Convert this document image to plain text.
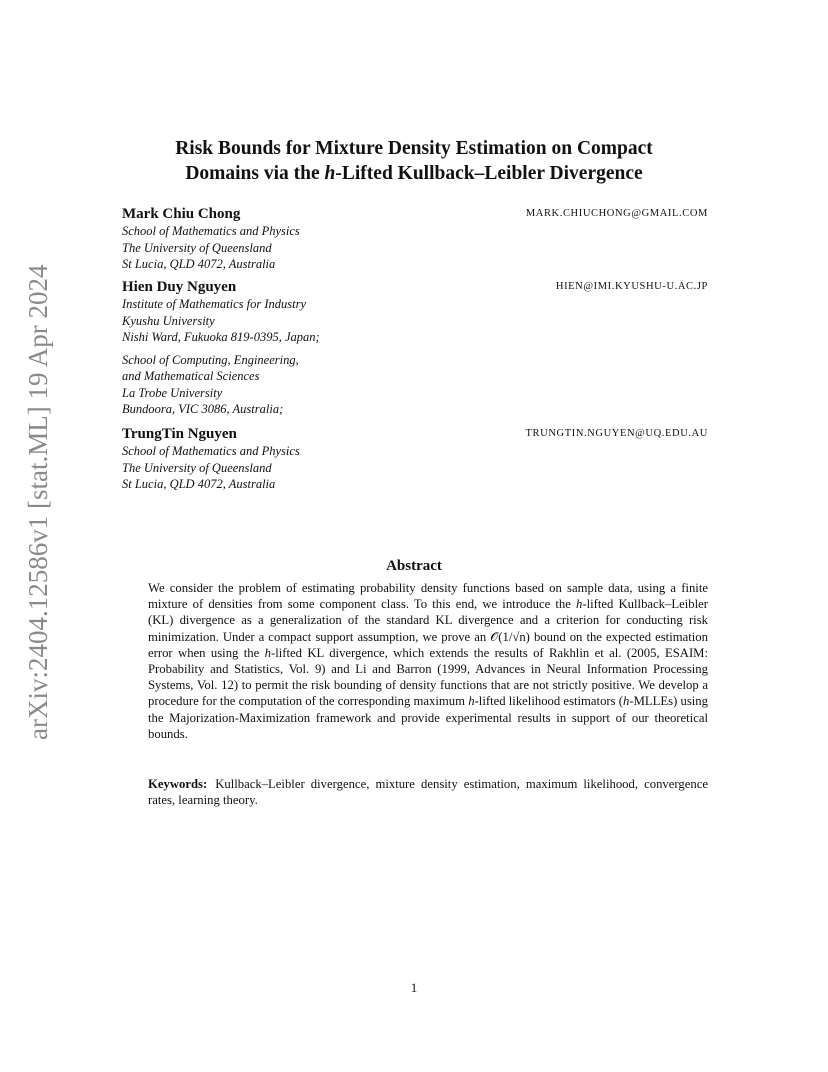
arXiv:2404.12586v1 [stat.ML] 19 Apr 2024
Risk Bounds for Mixture Density Estimation on Compact
Domains via the h-Lifted Kullback–Leibler Divergence
Mark Chiu Chong	MARK.CHIUCHONG@GMAIL.COM
School of Mathematics and Physics
The University of Queensland
St Lucia, QLD 4072, Australia
Hien Duy Nguyen	HIEN@IMI.KYUSHU-U.AC.JP
Institute of Mathematics for Industry
Kyushu University
Nishi Ward, Fukuoka 819-0395, Japan;
School of Computing, Engineering,
and Mathematical Sciences
La Trobe University
Bundoora, VIC 3086, Australia;
TrungTin Nguyen	TRUNGTIN.NGUYEN@UQ.EDU.AU
School of Mathematics and Physics
The University of Queensland
St Lucia, QLD 4072, Australia
Abstract

We consider the problem of estimating probability density functions based on sample data, using a finite mixture of densities from some component class. To this end, we introduce the h-lifted Kullback–Leibler (KL) divergence as a generalization of the standard KL divergence and a criterion for conducting risk minimization. Under a compact support assumption, we prove an 𝒪(1/√n) bound on the expected estimation error when using the h-lifted KL divergence, which extends the results of Rakhlin et al. (2005, ESAIM: Probability and Statistics, Vol. 9) and Li and Barron (1999, Advances in Neural Information Processing Systems, Vol. 12) to permit the risk bounding of density functions that are not strictly positive. We develop a procedure for the computation of the corresponding maximum h-lifted likelihood estimators (h-MLLEs) using the Majorization-Maximization framework and provide experimental results in support of our theoretical bounds.

Keywords: Kullback–Leibler divergence, mixture density estimation, maximum likelihood, convergence rates, learning theory.
1
